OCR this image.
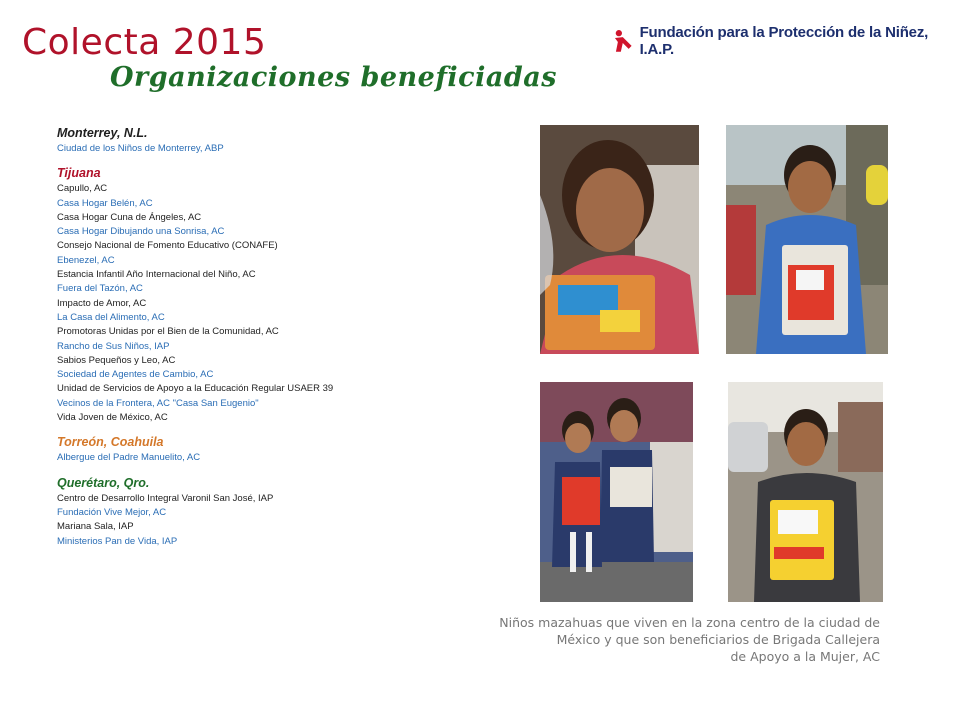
Colecta 2015
Organizaciones beneficiadas
Fundación para la Protección de la Niñez, I.A.P.
Monterrey, N.L.
Ciudad de los Niños de Monterrey, ABP
Tijuana
Capullo, AC
Casa Hogar Belén, AC
Casa Hogar Cuna de Ángeles, AC
Casa Hogar Dibujando una Sonrisa, AC
Consejo Nacional de Fomento Educativo (CONAFE)
Ebenezel, AC
Estancia Infantil Año Internacional del Niño, AC
Fuera del Tazón, AC
Impacto de Amor, AC
La Casa del Alimento, AC
Promotoras Unidas por el Bien de la Comunidad, AC
Rancho de Sus Niños, IAP
Sabios Pequeños y Leo, AC
Sociedad de Agentes de Cambio, AC
Unidad de Servicios de Apoyo a la Educación Regular USAER 39
Vecinos de la Frontera, AC "Casa San Eugenio"
Vida Joven de México, AC
Torreón, Coahuila
Albergue del Padre Manuelito, AC
Querétaro, Qro.
Centro de Desarrollo Integral Varonil San José, IAP
Fundación Vive Mejor, AC
Mariana Sala, IAP
Ministerios Pan de Vida, IAP
Niños mazahuas que viven en la zona centro de la ciudad de
México y que son beneficiarios de Brigada Callejera
de Apoyo a la Mujer, AC
